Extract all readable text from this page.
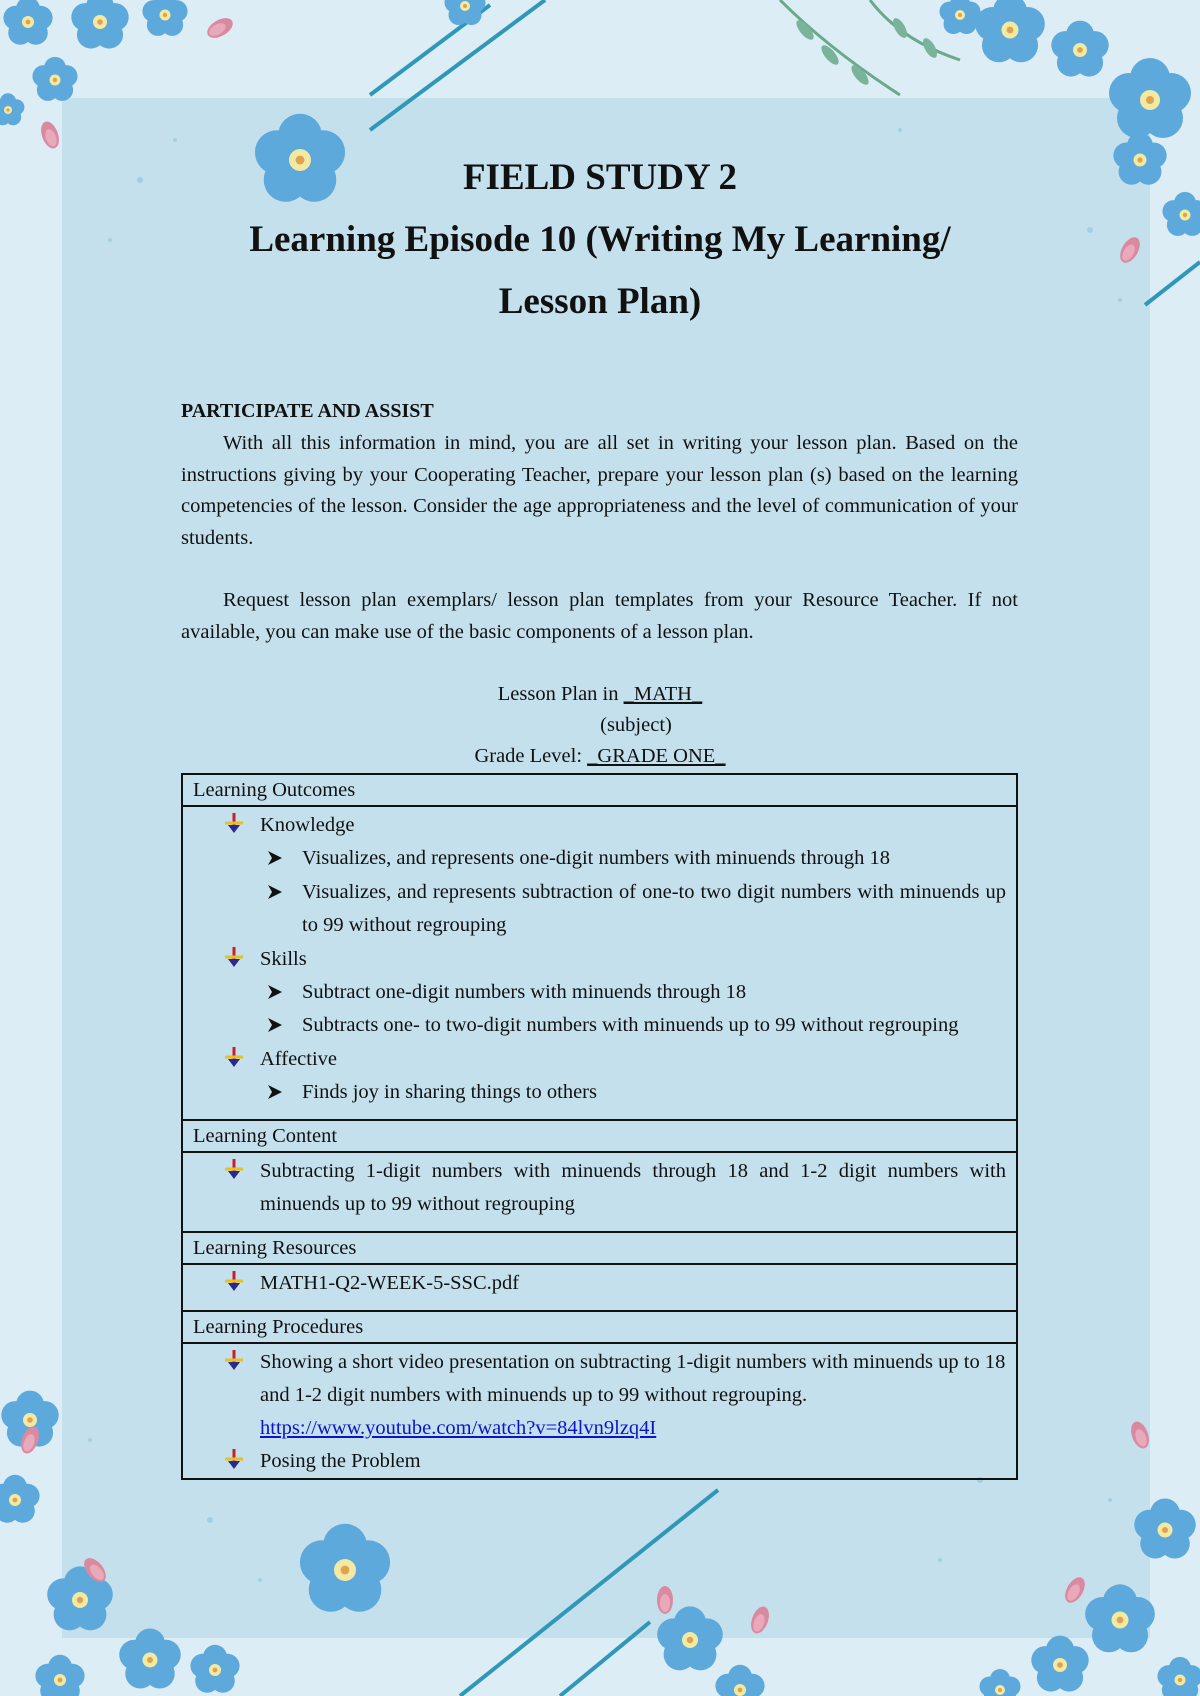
FIELD STUDY 2
Learning Episode 10 (Writing My Learning/
Lesson Plan)
PARTICIPATE AND ASSIST

With all this information in mind, you are all set in writing your lesson plan. Based on the instructions giving by your Cooperating Teacher, prepare your lesson plan (s) based on the learning competencies of the lesson. Consider the age appropriateness and the level of communication of your students.

Request lesson plan exemplars/ lesson plan templates from your Resource Teacher. If not available, you can make use of the basic components of a lesson plan.

Lesson Plan in _MATH_
(subject)
Grade Level: _GRADE ONE_
Learning Outcomes

Knowledge
Visualizes, and represents one-digit numbers with minuends through 18
Visualizes, and represents subtraction of one-to two digit numbers with minuends up to 99 without regrouping
Skills
Subtract one-digit numbers with minuends through 18
Subtracts one- to two-digit numbers with minuends up to 99 without regrouping
Affective
Finds joy in sharing things to others

Learning Content

Subtracting 1-digit numbers with minuends through 18 and 1-2 digit numbers with minuends up to 99 without regrouping

Learning Resources

MATH1-Q2-WEEK-5-SSC.pdf

Learning Procedures

Showing a short video presentation on subtracting 1-digit numbers with minuends up to 18 and 1-2 digit numbers with minuends up to 99 without regrouping. https://www.youtube.com/watch?v=84lvn9lzq4I
Posing the Problem
